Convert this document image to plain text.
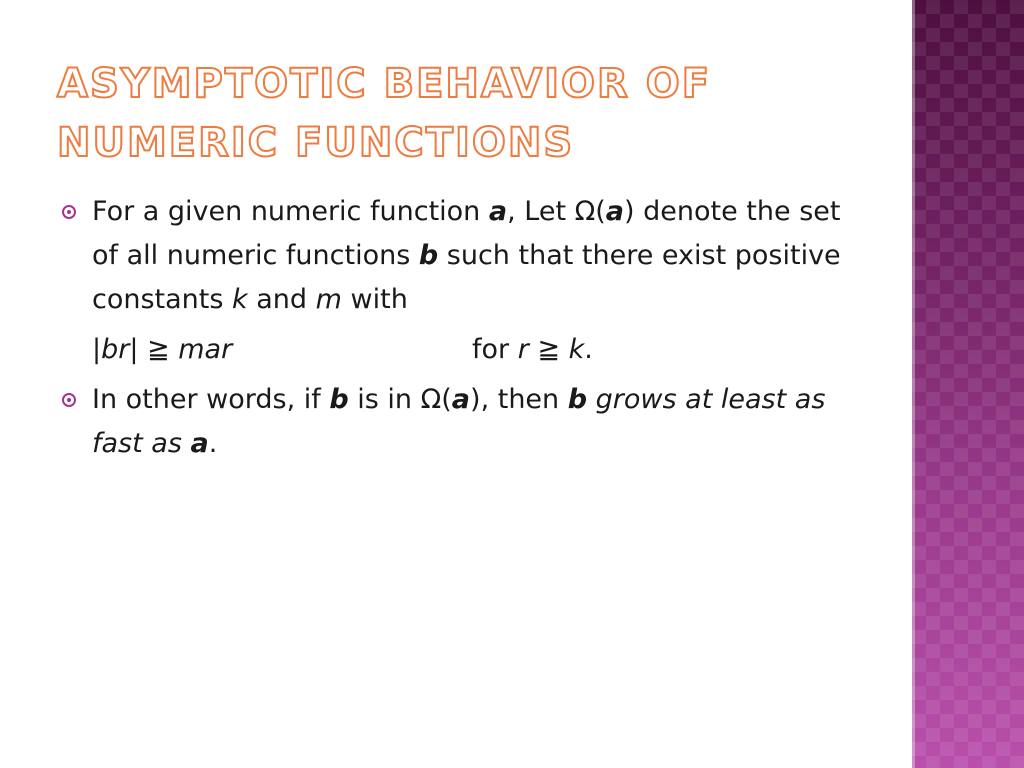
ASYMPTOTIC BEHAVIOR OF
NUMERIC FUNCTIONS

For a given numeric function a, Let Ω(a) denote the set of all numeric functions b such that there exist positive constants k and m with

|br| ≧ mar	for r ≧ k.

In other words, if b is in Ω(a), then b grows at least as fast as a.
